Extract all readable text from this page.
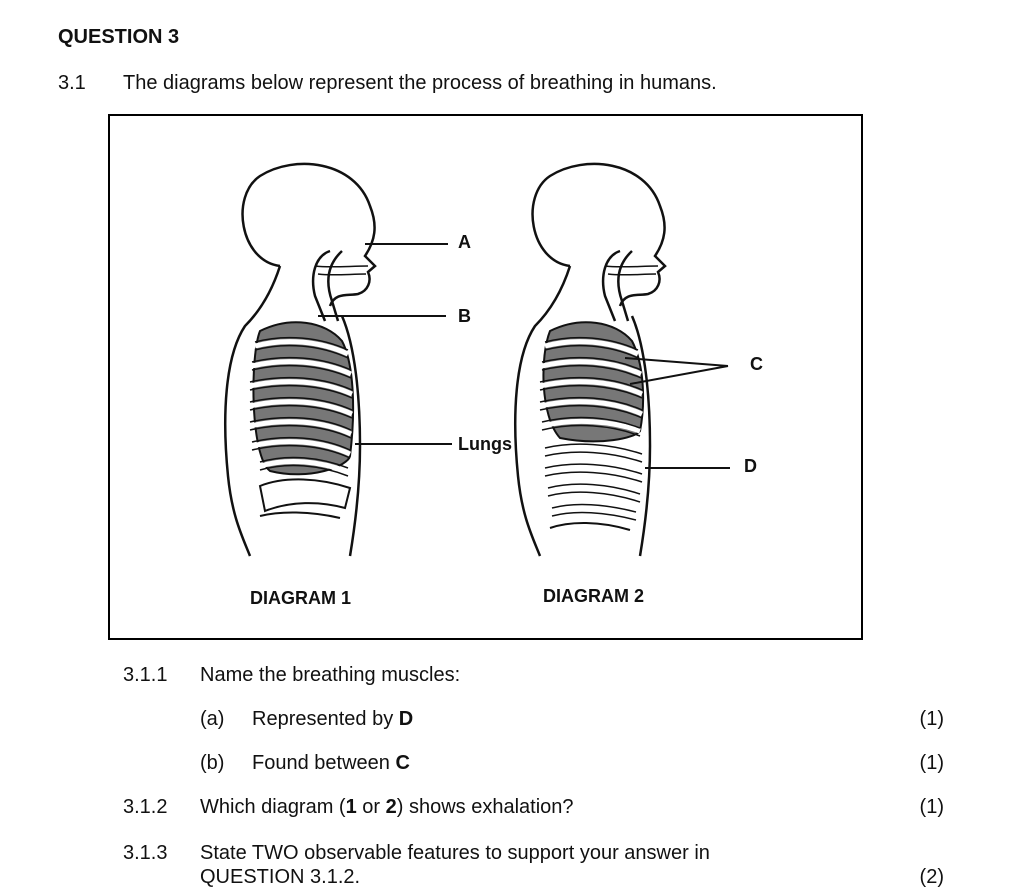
QUESTION 3
3.1 The diagrams below represent the process of breathing in humans.
A
B
Lungs
C
D
DIAGRAM 1	DIAGRAM 2
3.1.1 Name the breathing muscles:
(a) Represented by D	(1)
(b) Found between C	(1)
3.1.2 Which diagram (1 or 2) shows exhalation?	(1)
3.1.3 State TWO observable features to support your answer in
QUESTION 3.1.2.	(2)
